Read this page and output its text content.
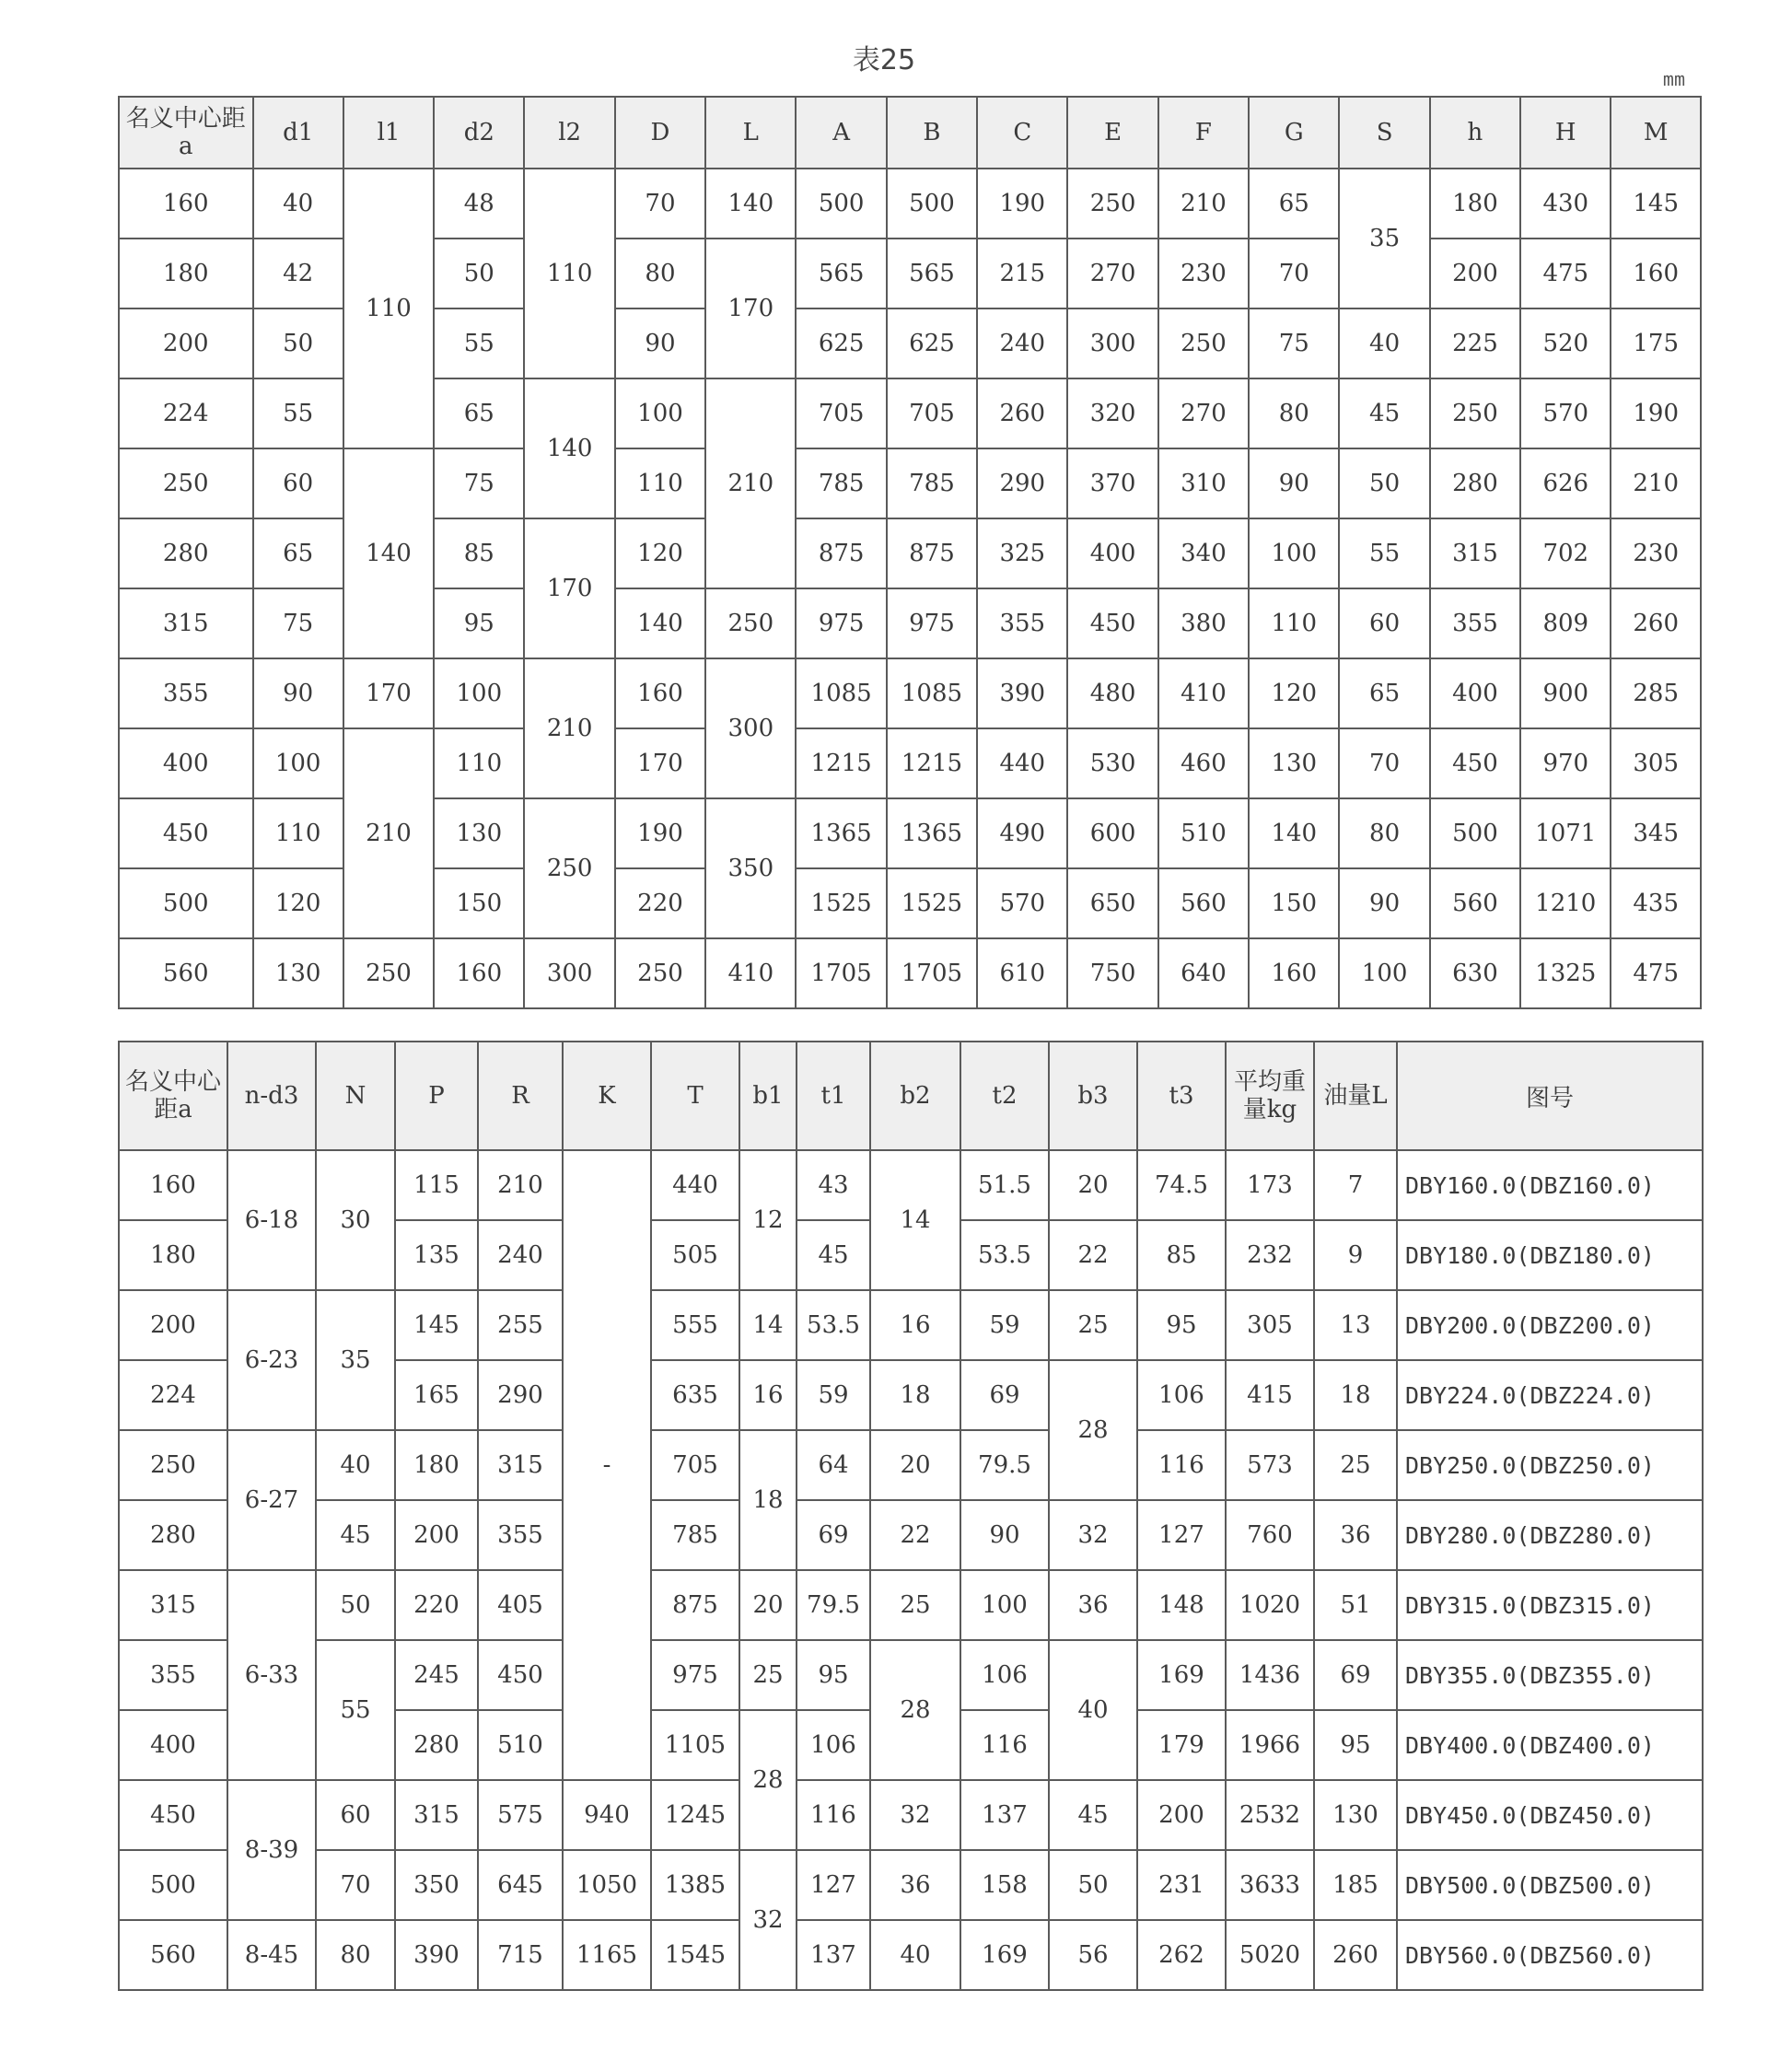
表25
mm
名义中心距a	d1	l1	d2	l2	D	L	A	B	C	E	F	G	S	h	H	M
160	40	110	48	110	70	140	500	500	190	250	210	65	35	180	430	145
180	42		50		80	170	565	565	215	270	230	70		200	475	160
200	50		55		90		625	625	240	300	250	75	40	225	520	175
224	55		65	140	100	210	705	705	260	320	270	80	45	250	570	190
250	60	140	75		110		785	785	290	370	310	90	50	280	626	210
280	65		85	170	120		875	875	325	400	340	100	55	315	702	230
315	75		95		140	250	975	975	355	450	380	110	60	355	809	260
355	90	170	100	210	160	300	1085	1085	390	480	410	120	65	400	900	285
400	100	210	110		170		1215	1215	440	530	460	130	70	450	970	305
450	110		130	250	190	350	1365	1365	490	600	510	140	80	500	1071	345
500	120		150		220		1525	1525	570	650	560	150	90	560	1210	435
560	130	250	160	300	250	410	1705	1705	610	750	640	160	100	630	1325	475
名义中心距a	n-d3	N	P	R	K	T	b1	t1	b2	t2	b3	t3	平均重量kg	油量L	图号
160	6-18	30	115	210	-	440	12	43	14	51.5	20	74.5	173	7	DBY160.0(DBZ160.0)
180			135	240		505		45		53.5	22	85	232	9	DBY180.0(DBZ180.0)
200	6-23	35	145	255		555	14	53.5	16	59	25	95	305	13	DBY200.0(DBZ200.0)
224			165	290		635	16	59	18	69	28	106	415	18	DBY224.0(DBZ224.0)
250	6-27	40	180	315		705	18	64	20	79.5		116	573	25	DBY250.0(DBZ250.0)
280		45	200	355		785		69	22	90	32	127	760	36	DBY280.0(DBZ280.0)
315	6-33	50	220	405		875	20	79.5	25	100	36	148	1020	51	DBY315.0(DBZ315.0)
355		55	245	450		975	25	95	28	106	40	169	1436	69	DBY355.0(DBZ355.0)
400			280	510		1105	28	106		116		179	1966	95	DBY400.0(DBZ400.0)
450	8-39	60	315	575	940	1245		116	32	137	45	200	2532	130	DBY450.0(DBZ450.0)
500		70	350	645	1050	1385	32	127	36	158	50	231	3633	185	DBY500.0(DBZ500.0)
560	8-45	80	390	715	1165	1545		137	40	169	56	262	5020	260	DBY560.0(DBZ560.0)
